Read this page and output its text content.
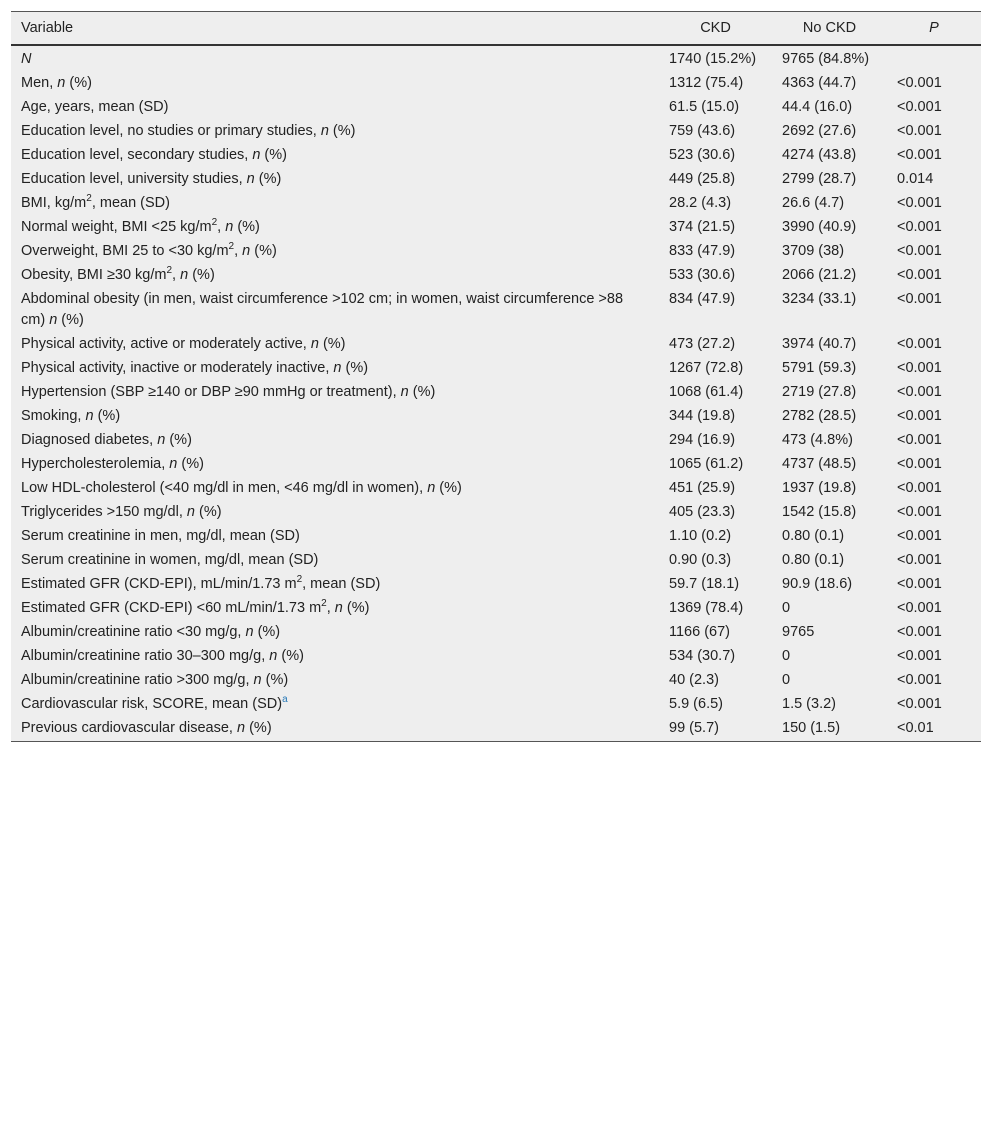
Variable	CKD	No CKD	P
N	1740 (15.2%)	9765 (84.8%)	
Men, n (%)	1312 (75.4)	4363 (44.7)	<0.001
Age, years, mean (SD)	61.5 (15.0)	44.4 (16.0)	<0.001
Education level, no studies or primary studies, n (%)	759 (43.6)	2692 (27.6)	<0.001
Education level, secondary studies, n (%)	523 (30.6)	4274 (43.8)	<0.001
Education level, university studies, n (%)	449 (25.8)	2799 (28.7)	0.014
BMI, $kg/m^2$, mean (SD)	28.2 (4.3)	26.6 (4.7)	<0.001
Normal weight, BMI <25 $kg/m^2$, n (%)	374 (21.5)	3990 (40.9)	<0.001
Overweight, BMI 25 to <30 $kg/m^2$, n (%)	833 (47.9)	3709 (38)	<0.001
Obesity, BMI ≥30 $kg/m^2$, n (%)	533 (30.6)	2066 (21.2)	<0.001
Abdominal obesity (in men, waist circumference >102 cm; in women, waist circumference >88 cm) n (%)	834 (47.9)	3234 (33.1)	<0.001
Physical activity, active or moderately active, n (%)	473 (27.2)	3974 (40.7)	<0.001
Physical activity, inactive or moderately inactive, n (%)	1267 (72.8)	5791 (59.3)	<0.001
Hypertension (SBP ≥140 or DBP ≥90 mmHg or treatment), n (%)	1068 (61.4)	2719 (27.8)	<0.001
Smoking, n (%)	344 (19.8)	2782 (28.5)	<0.001
Diagnosed diabetes, n (%)	294 (16.9)	473 (4.8%)	<0.001
Hypercholesterolemia, n (%)	1065 (61.2)	4737 (48.5)	<0.001
Low HDL-cholesterol (<40 mg/dl in men, <46 mg/dl in women), n (%)	451 (25.9)	1937 (19.8)	<0.001
Triglycerides >150 mg/dl, n (%)	405 (23.3)	1542 (15.8)	<0.001
Serum creatinine in men, mg/dl, mean (SD)	1.10 (0.2)	0.80 (0.1)	<0.001
Serum creatinine in women, mg/dl, mean (SD)	0.90 (0.3)	0.80 (0.1)	<0.001
Estimated GFR (CKD-EPI), mL/min/1.73 $m^2$, mean (SD)	59.7 (18.1)	90.9 (18.6)	<0.001
Estimated GFR (CKD-EPI) <60 mL/min/1.73 $m^2$, n (%)	1369 (78.4)	0	<0.001
Albumin/creatinine ratio <30 mg/g, n (%)	1166 (67)	9765	<0.001
Albumin/creatinine ratio 30–300 mg/g, n (%)	534 (30.7)	0	<0.001
Albumin/creatinine ratio >300 mg/g, n (%)	40 (2.3)	0	<0.001
Cardiovascular risk, SCORE, mean (SD)$^a$	5.9 (6.5)	1.5 (3.2)	<0.001
Previous cardiovascular disease, n (%)	99 (5.7)	150 (1.5)	<0.01
